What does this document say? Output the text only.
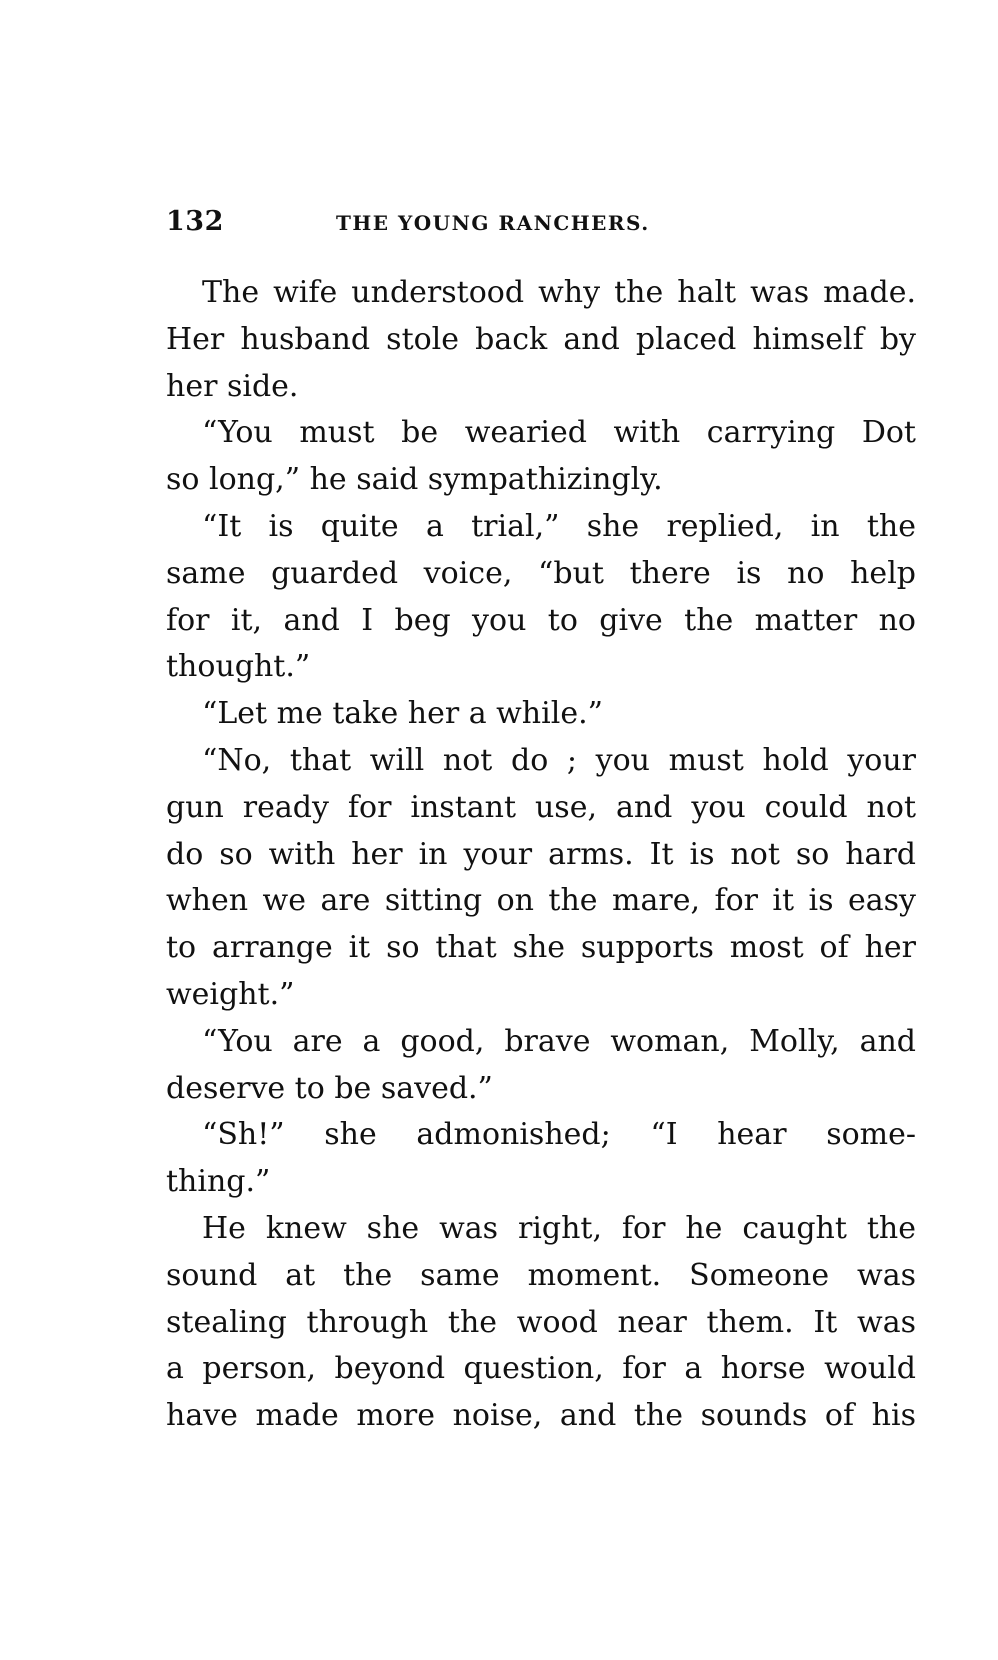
132	THE YOUNG RANCHERS.
The wife understood why the halt was made.
Her husband stole back and placed himself by
her side.
“You must be wearied with carrying Dot
so long,” he said sympathizingly.
“It is quite a trial,” she replied, in the
same guarded voice, “but there is no help
for it, and I beg you to give the matter no
thought.”
“Let me take her a while.”
“No, that will not do ; you must hold your
gun ready for instant use, and you could not
do so with her in your arms. It is not so hard
when we are sitting on the mare, for it is easy
to arrange it so that she supports most of her
weight.”
“You are a good, brave woman, Molly, and
deserve to be saved.”
“Sh!” she admonished; “I hear some-
thing.”
He knew she was right, for he caught the
sound at the same moment. Someone was
stealing through the wood near them. It was
a person, beyond question, for a horse would
have made more noise, and the sounds of his
